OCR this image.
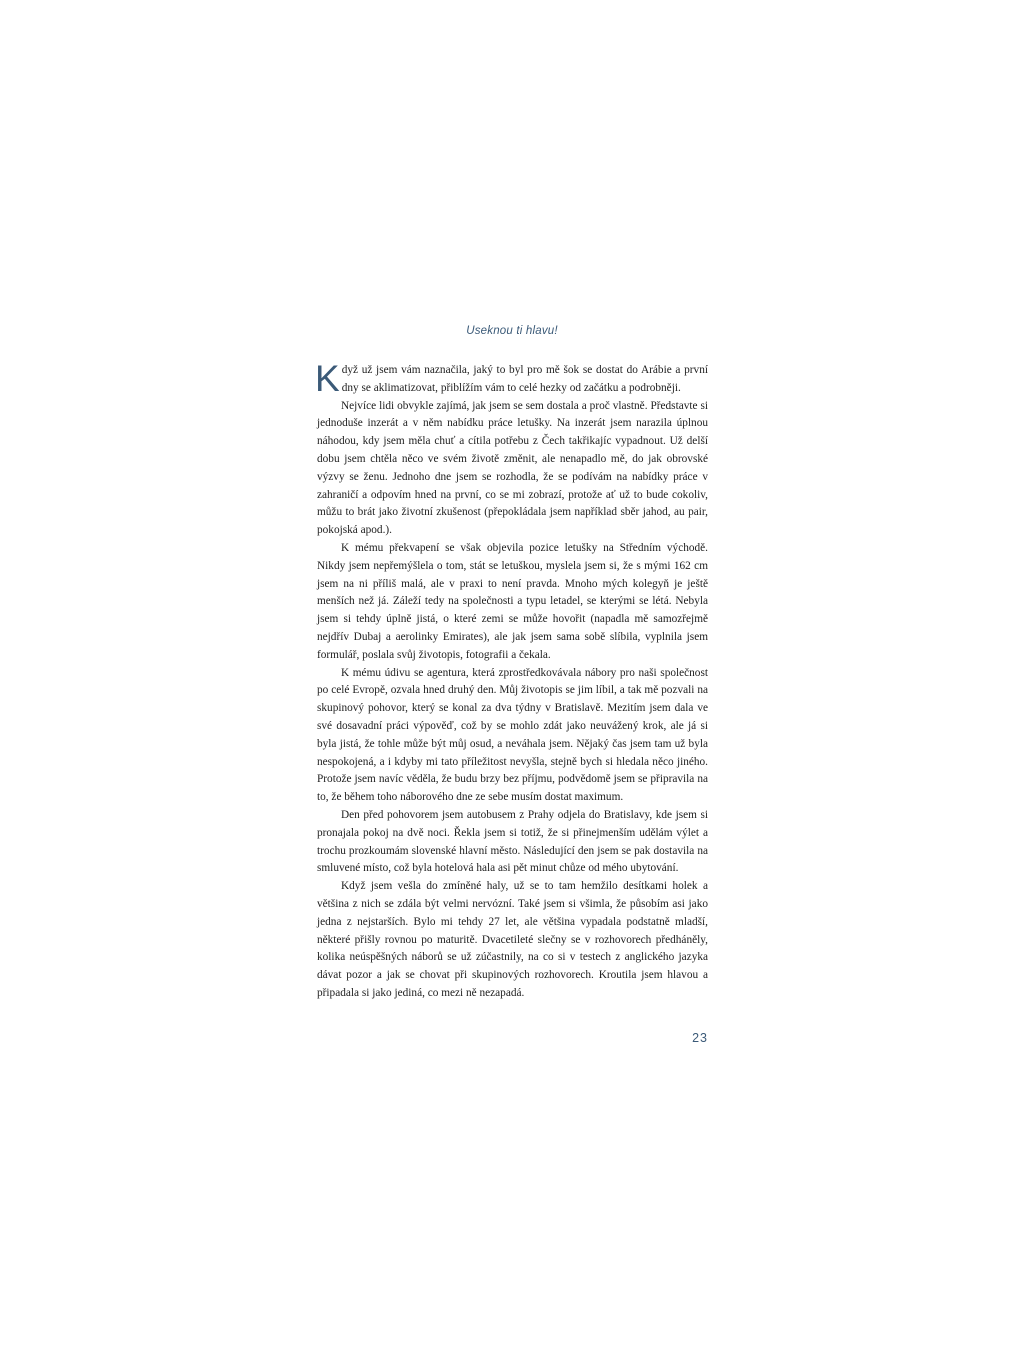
Useknou ti hlavu!

Když už jsem vám naznačila, jaký to byl pro mě šok se dostat do Arábie a první dny se aklimatizovat, přiblížím vám to celé hezky od začátku a podrobněji.

Nejvíce lidi obvykle zajímá, jak jsem se sem dostala a proč vlastně. Představte si jednoduše inzerát a v něm nabídku práce letušky. Na inzerát jsem narazila úplnou náhodou, kdy jsem měla chuť a cítila potřebu z Čech takřikajíc vypadnout. Už delší dobu jsem chtěla něco ve svém životě změnit, ale nenapadlo mě, do jak obrovské výzvy se ženu. Jednoho dne jsem se rozhodla, že se podívám na nabídky práce v zahraničí a odpovím hned na první, co se mi zobrazí, protože ať už to bude cokoliv, můžu to brát jako životní zkušenost (přepokládala jsem například sběr jahod, au pair, pokojská apod.).

K mému překvapení se však objevila pozice letušky na Středním východě. Nikdy jsem nepřemýšlela o tom, stát se letuškou, myslela jsem si, že s mými 162 cm jsem na ni příliš malá, ale v praxi to není pravda. Mnoho mých kolegyň je ještě menších než já. Záleží tedy na společnosti a typu letadel, se kterými se létá. Nebyla jsem si tehdy úplně jistá, o které zemi se může hovořit (napadla mě samozřejmě nejdřív Dubaj a aerolinky Emirates), ale jak jsem sama sobě slíbila, vyplnila jsem formulář, poslala svůj životopis, fotografii a čekala.

K mému údivu se agentura, která zprostředkovávala nábory pro naši společnost po celé Evropě, ozvala hned druhý den. Můj životopis se jim líbil, a tak mě pozvali na skupinový pohovor, který se konal za dva týdny v Bratislavě. Mezitím jsem dala ve své dosavadní práci výpověď, což by se mohlo zdát jako neuvážený krok, ale já si byla jistá, že tohle může být můj osud, a neváhala jsem. Nějaký čas jsem tam už byla nespokojená, a i kdyby mi tato příležitost nevyšla, stejně bych si hledala něco jiného. Protože jsem navíc věděla, že budu brzy bez příjmu, podvědomě jsem se připravila na to, že během toho náborového dne ze sebe musím dostat maximum.

Den před pohovorem jsem autobusem z Prahy odjela do Bratislavy, kde jsem si pronajala pokoj na dvě noci. Řekla jsem si totiž, že si přinejmenším udělám výlet a trochu prozkoumám slovenské hlavní město. Následující den jsem se pak dostavila na smluvené místo, což byla hotelová hala asi pět minut chůze od mého ubytování.

Když jsem vešla do zmíněné haly, už se to tam hemžilo desítkami holek a většina z nich se zdála být velmi nervózní. Také jsem si všimla, že působím asi jako jedna z nejstarších. Bylo mi tehdy 27 let, ale většina vypadala podstatně mladší, některé přišly rovnou po maturitě. Dvacetileté slečny se v rozhovorech předháněly, kolika neúspěšných náborů se už zúčastnily, na co si v testech z anglického jazyka dávat pozor a jak se chovat při skupinových rozhovorech. Kroutila jsem hlavou a připadala si jako jediná, co mezi ně nezapadá.

23
